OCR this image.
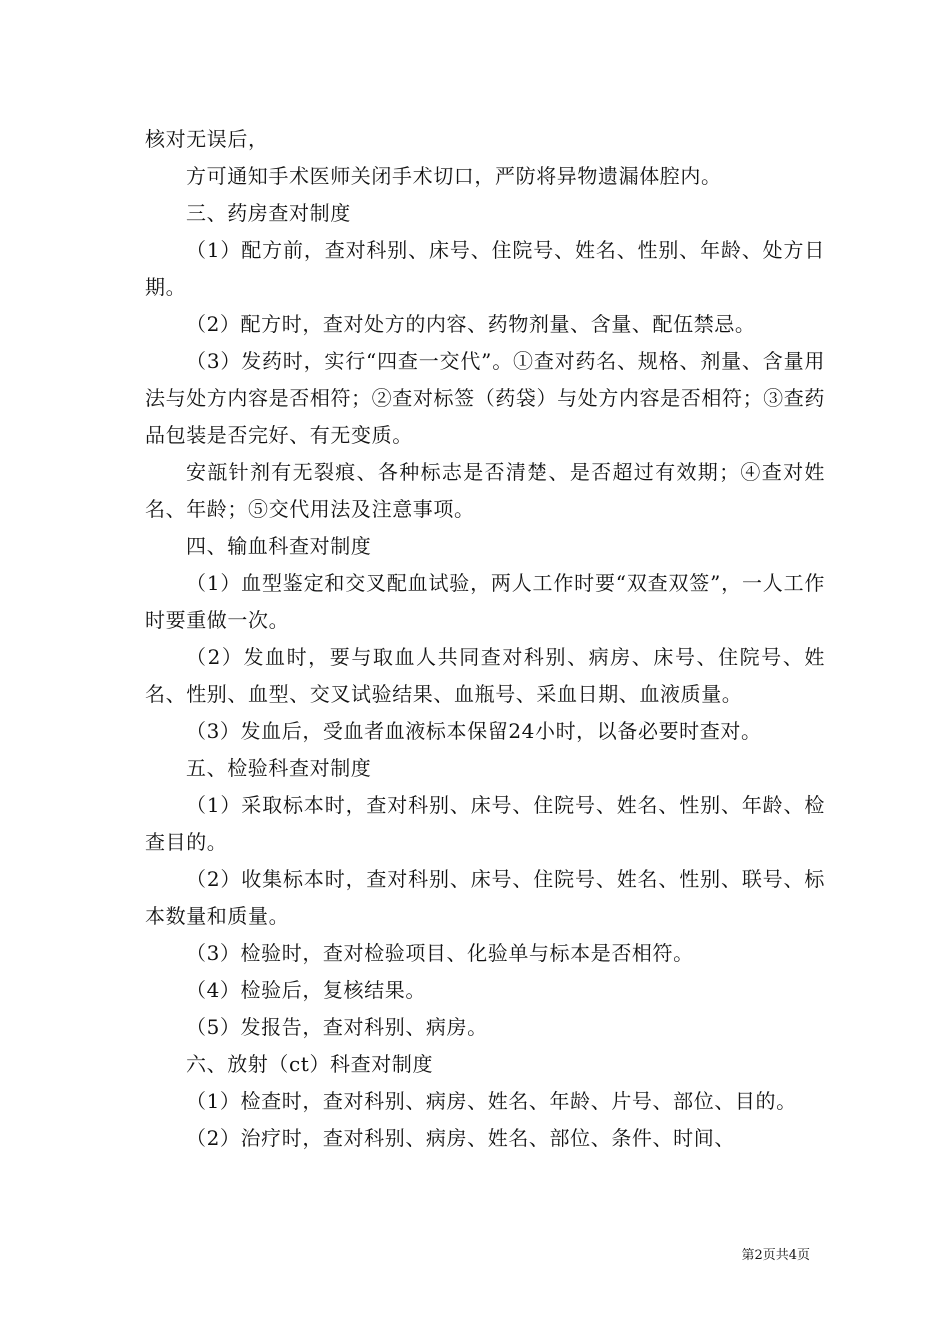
核对无误后，

方可通知手术医师关闭手术切口，严防将异物遗漏体腔内。

三、药房查对制度

（1）配方前，查对科别、床号、住院号、姓名、性别、年龄、处方日期。

（2）配方时，查对处方的内容、药物剂量、含量、配伍禁忌。

（3）发药时，实行“四查一交代”。①查对药名、规格、剂量、含量用法与处方内容是否相符；②查对标签（药袋）与处方内容是否相符；③查药品包装是否完好、有无变质。

安瓿针剂有无裂痕、各种标志是否清楚、是否超过有效期；④查对姓名、年龄；⑤交代用法及注意事项。

四、输血科查对制度

（1）血型鉴定和交叉配血试验，两人工作时要“双查双签”，一人工作时要重做一次。

（2）发血时，要与取血人共同查对科别、病房、床号、住院号、姓名、性别、血型、交叉试验结果、血瓶号、采血日期、血液质量。

（3）发血后，受血者血液标本保留24小时，以备必要时查对。

五、检验科查对制度

（1）采取标本时，查对科别、床号、住院号、姓名、性别、年龄、检查目的。

（2）收集标本时，查对科别、床号、住院号、姓名、性别、联号、标本数量和质量。

（3）检验时，查对检验项目、化验单与标本是否相符。

（4）检验后，复核结果。

（5）发报告，查对科别、病房。

六、放射（ct）科查对制度

（1）检查时，查对科别、病房、姓名、年龄、片号、部位、目的。

（2）治疗时，查对科别、病房、姓名、部位、条件、时间、

第2页共4页
